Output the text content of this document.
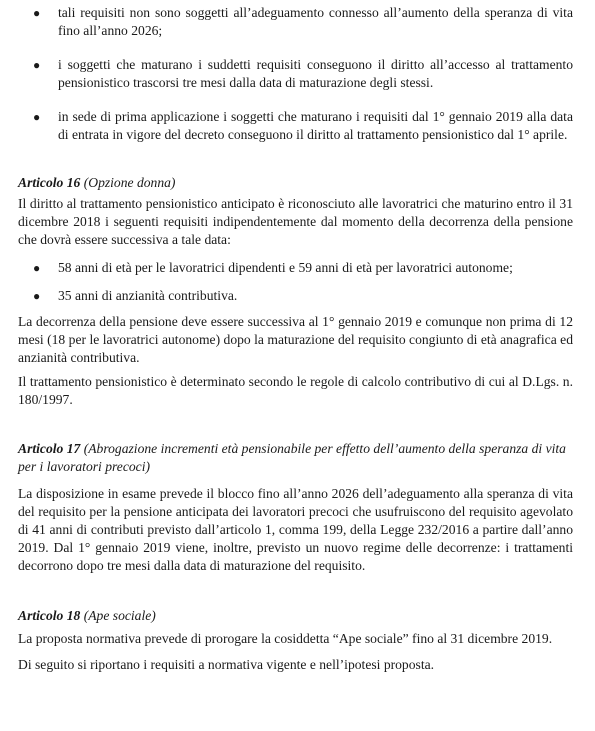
● tali requisiti non sono soggetti all’adeguamento connesso all’aumento della speranza di vita fino all’anno 2026;
● i soggetti che maturano i suddetti requisiti conseguono il diritto all’accesso al trattamento pensionistico trascorsi tre mesi dalla data di maturazione degli stessi.
● in sede di prima applicazione i soggetti che maturano i requisiti dal 1° gennaio 2019 alla data di entrata in vigore del decreto conseguono il diritto al trattamento pensionistico dal 1° aprile.

Articolo 16 (Opzione donna)

Il diritto al trattamento pensionistico anticipato è riconosciuto alle lavoratrici che maturino entro il 31 dicembre 2018 i seguenti requisiti indipendentemente dal momento della decorrenza della pensione che dovrà essere successiva a tale data:

● 58 anni di età per le lavoratrici dipendenti e 59 anni di età per lavoratrici autonome;
● 35 anni di anzianità contributiva.

La decorrenza della pensione deve essere successiva al 1° gennaio 2019 e comunque non prima di 12 mesi (18 per le lavoratrici autonome) dopo la maturazione del requisito congiunto di età anagrafica ed anzianità contributiva.

Il trattamento pensionistico è determinato secondo le regole di calcolo contributivo di cui al D.Lgs. n. 180/1997.

Articolo 17 (Abrogazione incrementi età pensionabile per effetto dell’aumento della speranza di vita per i lavoratori precoci)

La disposizione in esame prevede il blocco fino all’anno 2026 dell’adeguamento alla speranza di vita del requisito per la pensione anticipata dei lavoratori precoci che usufruiscono del requisito agevolato di 41 anni di contributi previsto dall’articolo 1, comma 199, della Legge 232/2016 a partire dall’anno 2019. Dal 1° gennaio 2019 viene, inoltre, previsto un nuovo regime delle decorrenze: i trattamenti decorrono dopo tre mesi dalla data di maturazione del requisito.

Articolo 18 (Ape sociale)

La proposta normativa prevede di prorogare la cosiddetta “Ape sociale” fino al 31 dicembre 2019.

Di seguito si riportano i requisiti a normativa vigente e nell’ipotesi proposta.
